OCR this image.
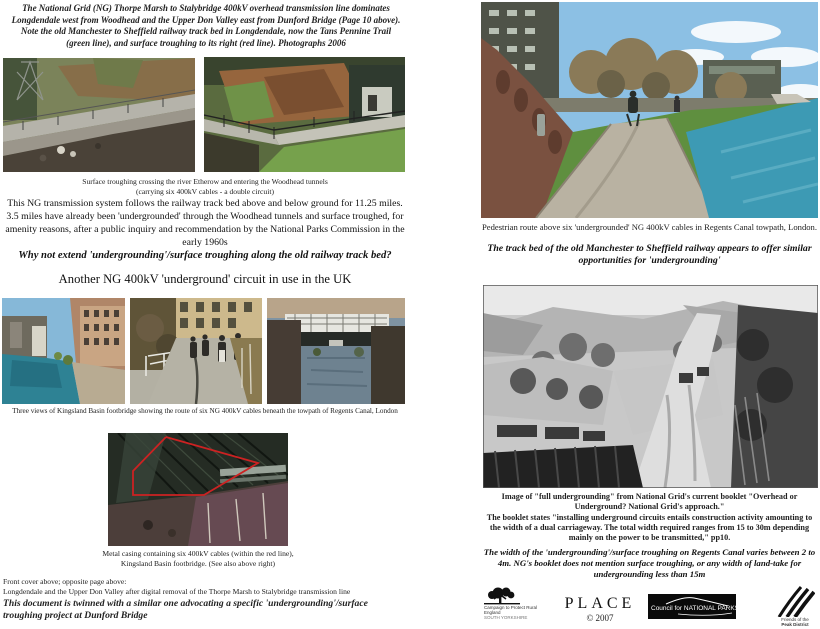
The National Grid (NG) Thorpe Marsh to Stalybridge 400kV overhead transmission line dominates Longdendale west from Woodhead and the Upper Don Valley east from Dunford Bridge (Page 10 above). Note the old Manchester to Sheffield railway track bed in Longdendale, now the Tans Pennine Trail (green line), and surface troughing to its right (red line). Photographs 2006
Surface troughing crossing the river Etherow and entering the Woodhead tunnels
(carrying six 400kV cables - a double circuit)
This NG transmission system follows the railway track bed above and below ground for 11.25 miles. 3.5 miles have already been 'undergrounded' through the Woodhead tunnels and surface troughed, for amenity reasons, after a public inquiry and recommendation by the National Parks Commission in the early 1960s
Why not extend 'undergrounding'/surface troughing along the old railway track bed?
Another NG 400kV 'underground' circuit in use in the UK
Three views of Kingsland Basin footbridge showing the route of six NG 400kV cables beneath the towpath of Regents Canal, London
Metal casing containing six 400kV cables (within the red line), Kingsland Basin footbridge. (See also above right)
Front cover above; opposite page above:
Longdendale and the Upper Don Valley after digital removal of the Thorpe Marsh to Stalybridge transmission line
This document is twinned with a similar one advocating a specific 'undergrounding'/surface troughing project at Dunford Bridge
Pedestrian route above six 'undergrounded' NG 400kV cables in Regents Canal towpath, London.
The track bed of the old Manchester to Sheffield railway appears to offer similar opportunities for 'undergrounding'
Image of "full undergrounding" from National Grid's current booklet "Overhead or Underground? National Grid's approach."
The booklet states "installing underground circuits entails construction activity amounting to the width of a dual carriageway. The total width required ranges from 15 to 30m depending mainly on the power to be transmitted," pp10.
The width of the 'undergrounding'/surface troughing on Regents Canal varies between 2 to 4m. NG's booklet does not mention surface troughing, or any width of land-take for undergrounding less than 15m
Campaign to Protect Rural England
SOUTH YORKSHIRE
PLACE
© 2007
Council for NATIONAL PARKS
Friends of the
Peak District
